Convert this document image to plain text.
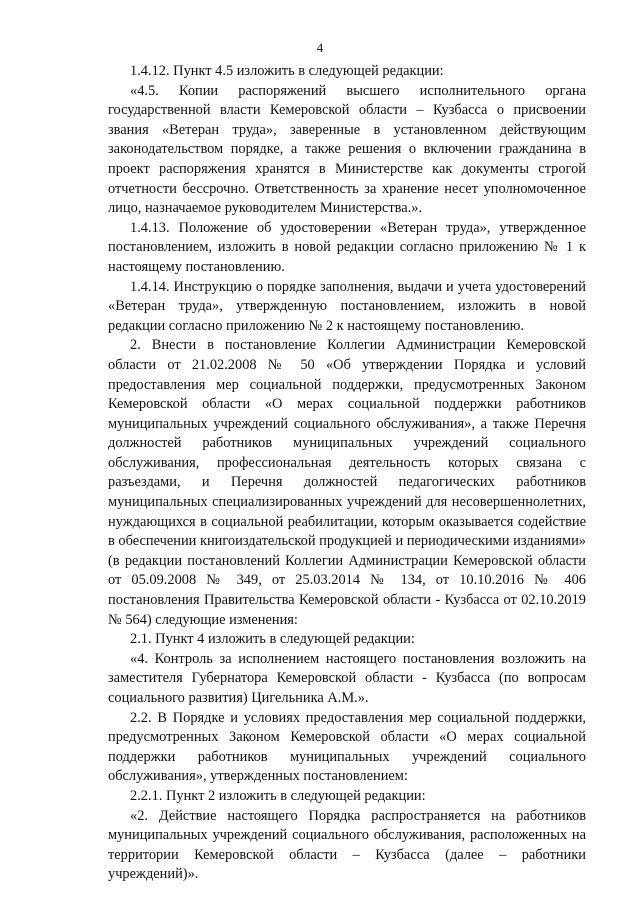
4

1.4.12. Пункт 4.5 изложить в следующей редакции:

«4.5. Копии распоряжений высшего исполнительного органа государственной власти Кемеровской области – Кузбасса о присвоении звания «Ветеран труда», заверенные в установленном действующим законодательством порядке, а также решения о включении гражданина в проект распоряжения хранятся в Министерстве как документы строгой отчетности бессрочно. Ответственность за хранение несет уполномоченное лицо, назначаемое руководителем Министерства.».

1.4.13. Положение об удостоверении «Ветеран труда», утвержденное постановлением, изложить в новой редакции согласно приложению № 1 к настоящему постановлению.

1.4.14. Инструкцию о порядке заполнения, выдачи и учета удостоверений «Ветеран труда», утвержденную постановлением, изложить в новой редакции согласно приложению № 2 к настоящему постановлению.

2. Внести в постановление Коллегии Администрации Кемеровской области от 21.02.2008 № 50 «Об утверждении Порядка и условий предоставления мер социальной поддержки, предусмотренных Законом Кемеровской области «О мерах социальной поддержки работников муниципальных учреждений социального обслуживания», а также Перечня должностей работников муниципальных учреждений социального обслуживания, профессиональная деятельность которых связана с разъездами, и Перечня должностей педагогических работников муниципальных специализированных учреждений для несовершеннолетних, нуждающихся в социальной реабилитации, которым оказывается содействие в обеспечении книгоиздательской продукцией и периодическими изданиями» (в редакции постановлений Коллегии Администрации Кемеровской области от 05.09.2008 № 349, от 25.03.2014 № 134, от 10.10.2016 № 406 постановления Правительства Кемеровской области - Кузбасса от 02.10.2019 № 564) следующие изменения:

2.1. Пункт 4 изложить в следующей редакции:

«4. Контроль за исполнением настоящего постановления возложить на заместителя Губернатора Кемеровской области - Кузбасса (по вопросам социального развития) Цигельника А.М.».

2.2. В Порядке и условиях предоставления мер социальной поддержки, предусмотренных Законом Кемеровской области «О мерах социальной поддержки работников муниципальных учреждений социального обслуживания», утвержденных постановлением:

2.2.1. Пункт 2 изложить в следующей редакции:

«2. Действие настоящего Порядка распространяется на работников муниципальных учреждений социального обслуживания, расположенных на территории Кемеровской области – Кузбасса (далее – работники учреждений)».
